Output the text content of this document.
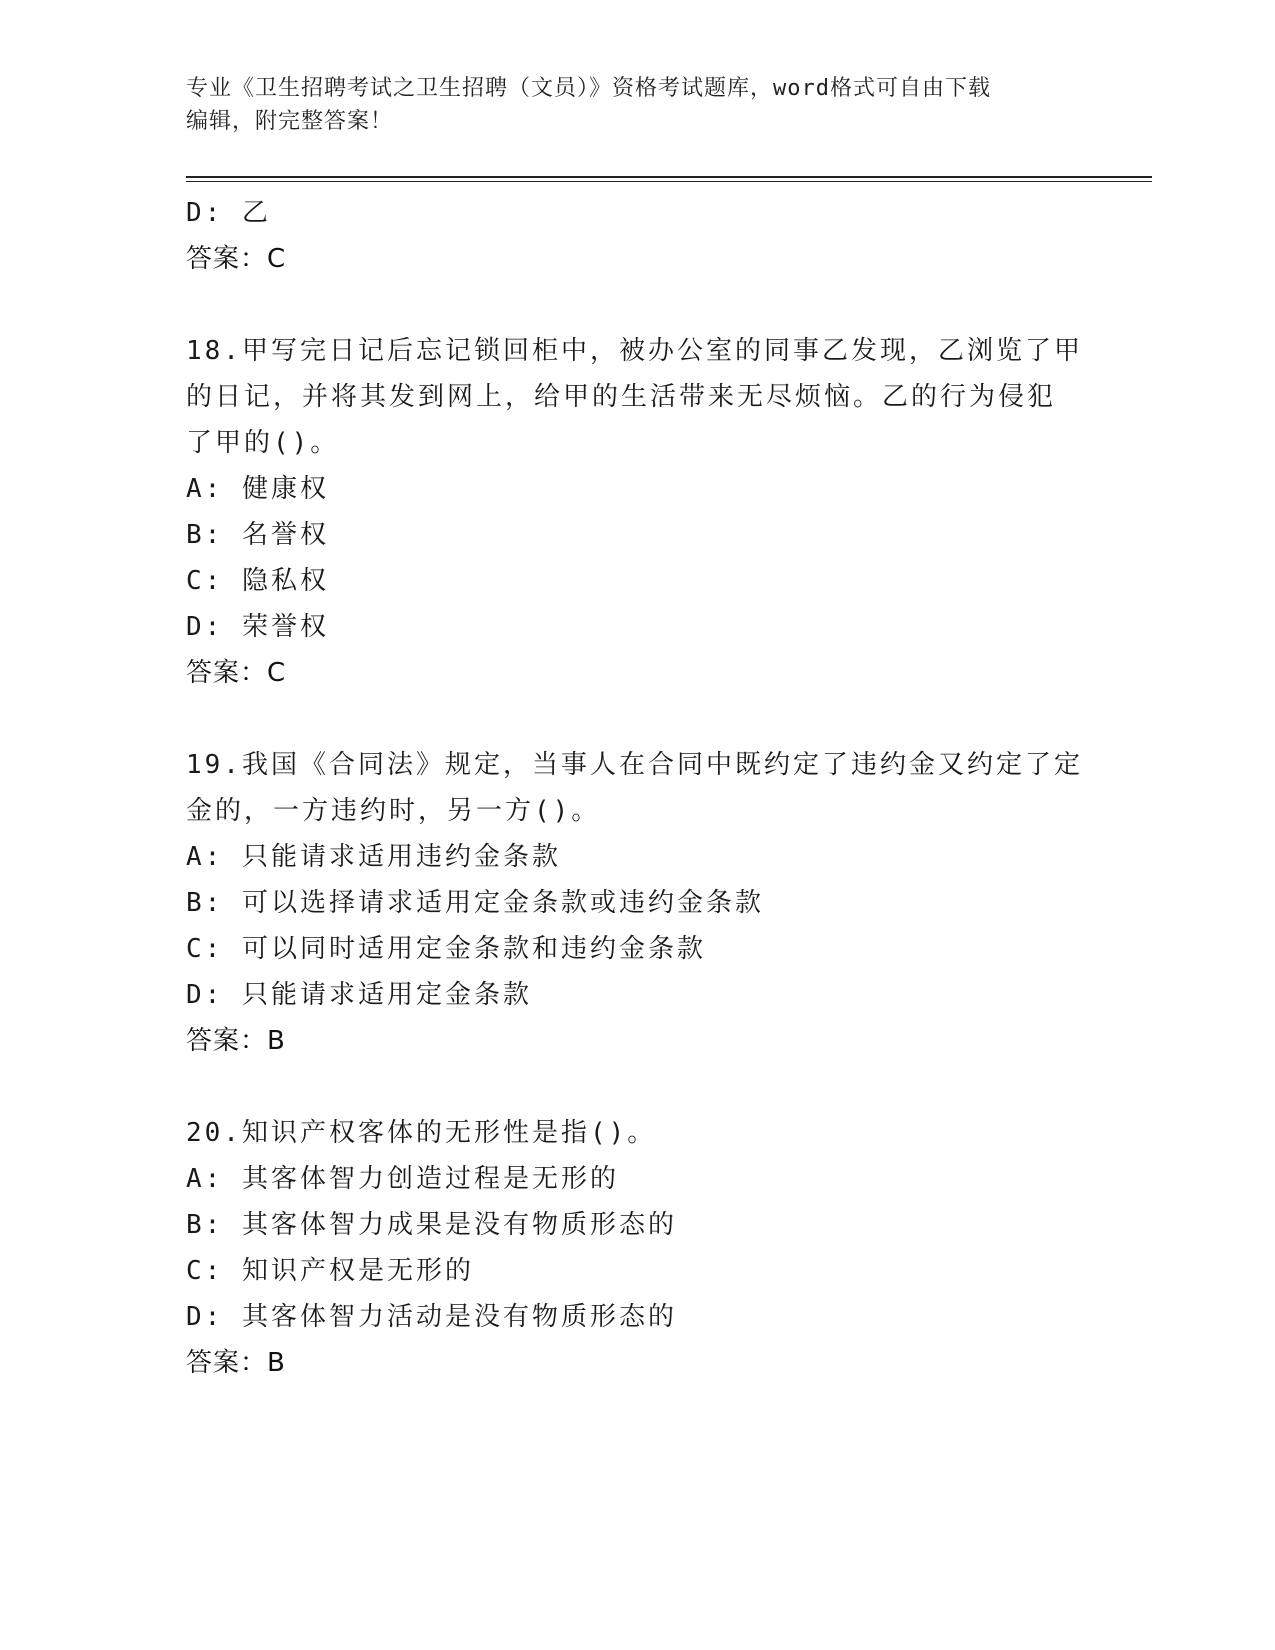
专业《卫生招聘考试之卫生招聘（文员）》资格考试题库，word格式可自由下载
编辑，附完整答案！
D: 乙
答案：C
18.甲写完日记后忘记锁回柜中，被办公室的同事乙发现，乙浏览了甲
的日记，并将其发到网上，给甲的生活带来无尽烦恼。乙的行为侵犯
了甲的()。
A: 健康权
B: 名誉权
C: 隐私权
D: 荣誉权
答案：C
19.我国《合同法》规定，当事人在合同中既约定了违约金又约定了定
金的，一方违约时，另一方()。
A: 只能请求适用违约金条款
B: 可以选择请求适用定金条款或违约金条款
C: 可以同时适用定金条款和违约金条款
D: 只能请求适用定金条款
答案：B
20.知识产权客体的无形性是指()。
A: 其客体智力创造过程是无形的
B: 其客体智力成果是没有物质形态的
C: 知识产权是无形的
D: 其客体智力活动是没有物质形态的
答案：B
